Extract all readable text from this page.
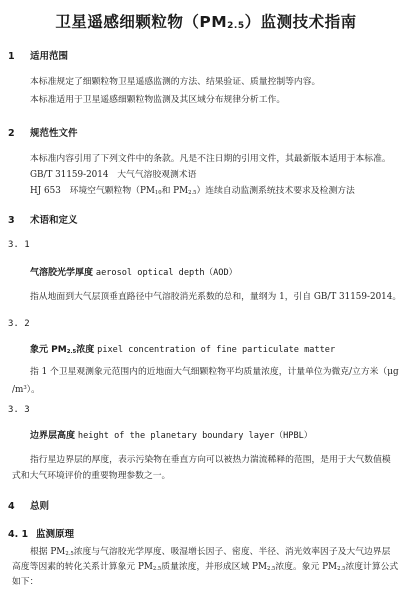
卫星遥感细颗粒物$(PM_{2.5})$监测技术指南
1 适用范围
本标准规定了细颗粒物卫星遥感监测的方法、结果验证、质量控制等内容。
本标准适用于卫星遥感细颗粒物监测及其区域分布规律分析工作。
2 规范性文件
本标准内容引用了下列文件中的条款。凡是不注日期的引用文件，其最新版本适用于本标准。
GB/T 31159-2014　大气气溶胶观测术语
HJ 653　环境空气颗粒物（$PM_{10}$和 $PM_{2.5}$）连续自动监测系统技术要求及检测方法
3 术语和定义
3. 1
气溶胶光学厚度 aerosol optical depth（AOD）
指从地面到大气层顶垂直路径中气溶胶消光系数的总和，量纲为 1，引自 GB/T 31159-2014。
3. 2
象元 $PM_{2.5}$浓度 pixel concentration of fine particulate matter
指 1 个卫星观测象元范围内的近地面大气细颗粒物平均质量浓度，计量单位为微克/立方米（μg
$/m^3$）。
3. 3
边界层高度 height of the planetary boundary layer（HPBL）
指行星边界层的厚度，表示污染物在垂直方向可以被热力湍流稀释的范围，是用于大气数值模
式和大气环境评价的重要物理参数之一。
4 总则
4. 1 监测原理
根据 $PM_{2.5}$浓度与气溶胶光学厚度、吸湿增长因子、密度、半径、消光效率因子及大气边界层
高度等因素的转化关系计算象元 $PM_{2.5}$质量浓度，并形成区域 $PM_{2.5}$浓度。象元 $PM_{2.5}$浓度计算公式
如下：
